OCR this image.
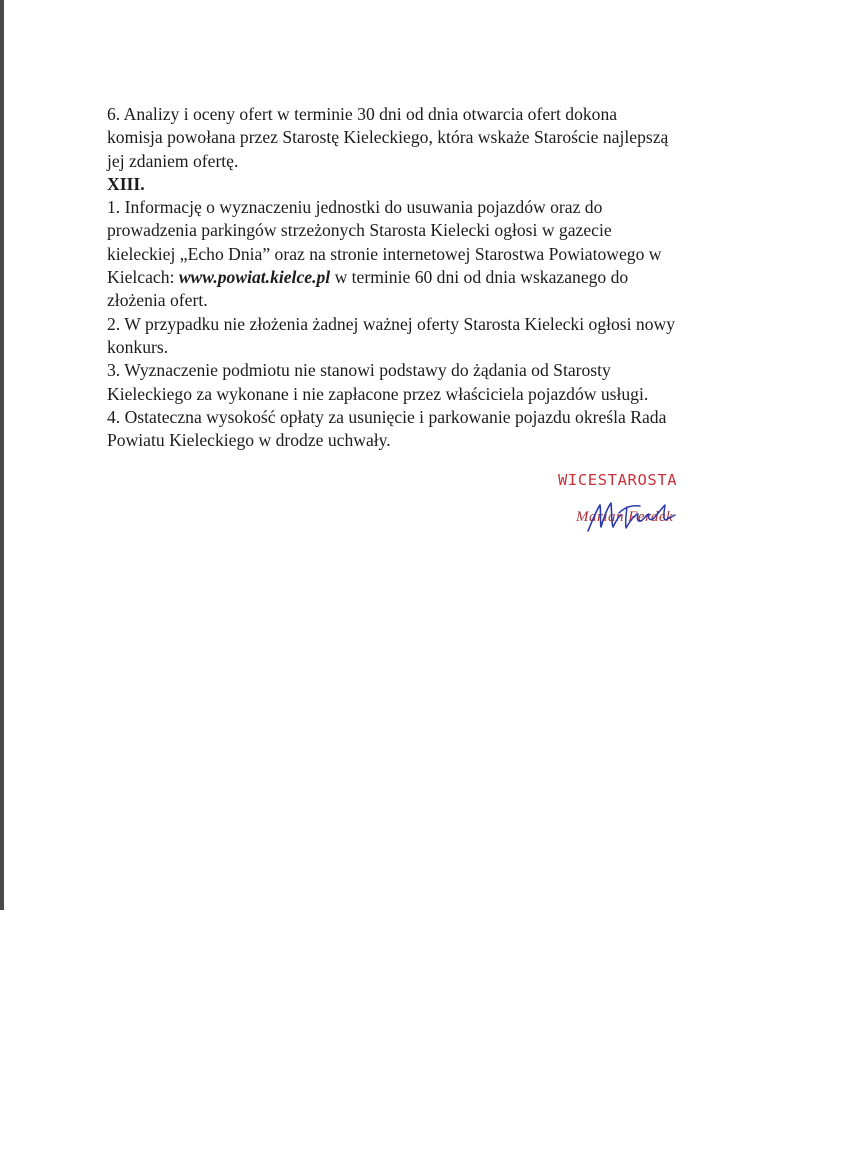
6. Analizy i oceny ofert w terminie 30 dni od dnia otwarcia ofert dokona
komisja powołana przez Starostę Kieleckiego, która wskaże Staroście najlepszą
jej zdaniem ofertę.
XIII.
1. Informację o wyznaczeniu jednostki do usuwania pojazdów oraz do
prowadzenia parkingów strzeżonych Starosta Kielecki ogłosi w gazecie
kieleckiej „Echo Dnia” oraz na stronie internetowej Starostwa Powiatowego w
Kielcach: www.powiat.kielce.pl w terminie 60 dni od dnia wskazanego do
złożenia ofert.
2. W przypadku nie złożenia żadnej ważnej oferty Starosta Kielecki ogłosi nowy
konkurs.
3. Wyznaczenie podmiotu nie stanowi podstawy do żądania od Starosty
Kieleckiego za wykonane i nie zapłacone przez właściciela pojazdów usługi.
4. Ostateczna wysokość opłaty za usunięcie i parkowanie pojazdu określa Rada
Powiatu Kieleckiego w drodze uchwały.
WICESTAROSTA
Marian Ferdek
